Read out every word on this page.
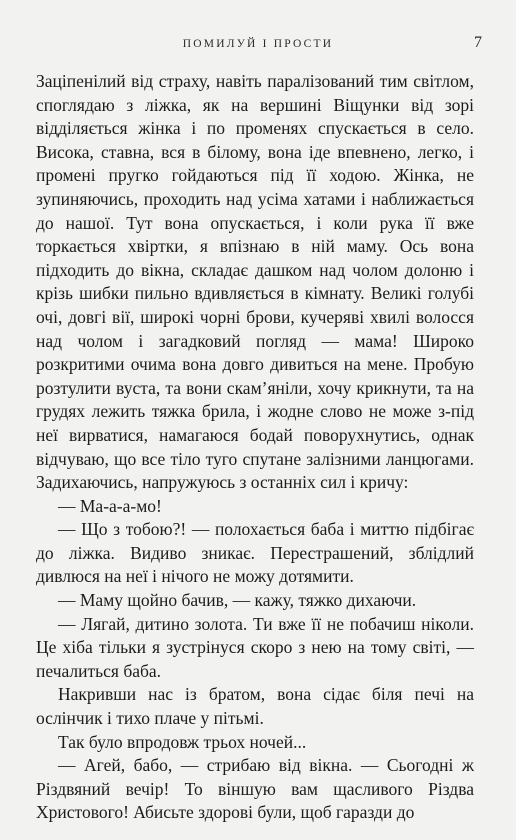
ПОМИЛУЙ І ПРОСТИ	7

Заціпенілий від страху, навіть паралізований тим світлом, споглядаю з ліжка, як на вершині Віщунки від зорі відділяється жінка і по променях спускається в село. Висока, ставна, вся в білому, вона іде впевнено, легко, і промені пругко гойдаються під її ходою. Жінка, не зупиняючись, проходить над усіма хатами і наближається до нашої. Тут вона опускається, і коли рука її вже торкається хвіртки, я впізнаю в ній маму. Ось вона підходить до вікна, складає дашком над чолом долоню і крізь шибки пильно вдивляється в кімнату. Великі голубі очі, довгі вії, широкі чорні брови, кучеряві хвилі волосся над чолом і загадковий погляд — мама! Широко розкритими очима вона довго дивиться на мене. Пробую розтулити вуста, та вони скам’яніли, хочу крикнути, та на грудях лежить тяжка брила, і жодне слово не може з-під неї вирватися, намагаюся бодай поворухнутись, однак відчуваю, що все тіло туго спутане залізними ланцюгами. Задихаючись, напружуюсь з останніх сил і кричу:

— Ма-а-а-мо!

— Що з тобою?! — полохається баба і миттю підбігає до ліжка. Видиво зникає. Перестрашений, зблідлий дивлюся на неї і нічого не можу дотямити.

— Маму щойно бачив, — кажу, тяжко дихаючи.

— Лягай, дитино золота. Ти вже її не побачиш ніколи. Це хіба тільки я зустрінуся скоро з нею на тому світі, — печалиться баба.

Накривши нас із братом, вона сідає біля печі на ослінчик і тихо плаче у пітьмі.

Так було впродовж трьох ночей...

— Агей, бабо, — стрибаю від вікна. — Сьогодні ж Різдвяний вечір! То віншую вам щасливого Різдва Христового! Абисьте здорові були, щоб гаразди до
